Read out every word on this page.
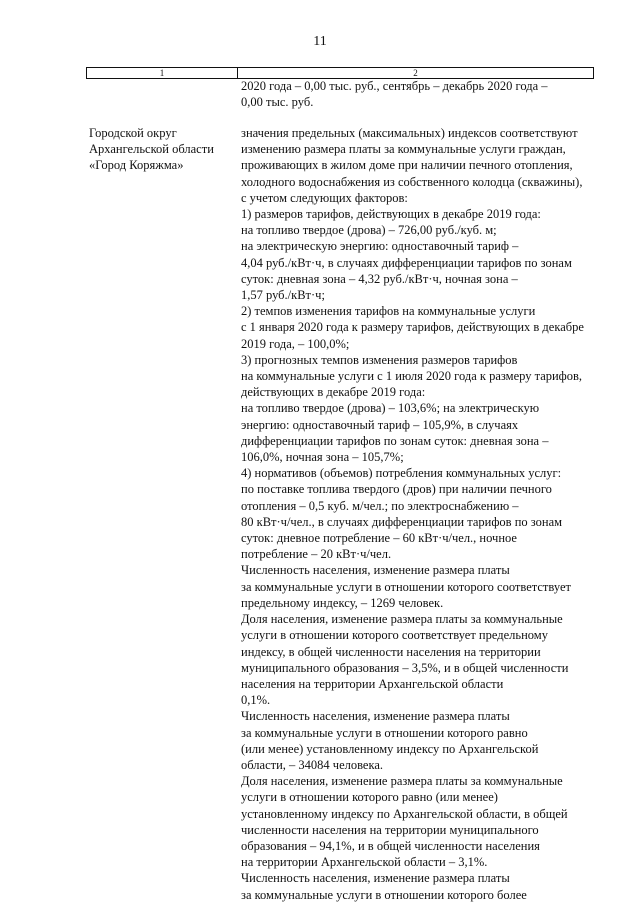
11
1	2
2020 года – 0,00 тыс. руб., сентябрь – декабрь 2020 года –
0,00 тыс. руб.
Городской округ
Архангельской области
«Город Коряжма»
значения предельных (максимальных) индексов соответствуют
изменению размера платы за коммунальные услуги граждан,
проживающих в жилом доме при наличии печного отопления,
холодного водоснабжения из собственного колодца (скважины),
с учетом следующих факторов:
1) размеров тарифов, действующих в декабре 2019 года:
на топливо твердое (дрова) – 726,00 руб./куб. м;
на электрическую энергию: одноставочный тариф –
4,04 руб./кВт·ч, в случаях дифференциации тарифов по зонам
суток: дневная зона – 4,32 руб./кВт·ч, ночная зона –
1,57 руб./кВт·ч;
2) темпов изменения тарифов на коммунальные услуги
с 1 января 2020 года к размеру тарифов, действующих в декабре
2019 года, – 100,0%;
3) прогнозных темпов изменения размеров тарифов
на коммунальные услуги с 1 июля 2020 года к размеру тарифов,
действующих в декабре 2019 года:
на топливо твердое (дрова) – 103,6%; на электрическую
энергию: одноставочный тариф – 105,9%, в случаях
дифференциации тарифов по зонам суток: дневная зона –
106,0%, ночная зона – 105,7%;
4) нормативов (объемов) потребления коммунальных услуг:
по поставке топлива твердого (дров) при наличии печного
отопления – 0,5 куб. м/чел.; по электроснабжению –
80 кВт·ч/чел., в случаях дифференциации тарифов по зонам
суток: дневное потребление – 60 кВт·ч/чел., ночное
потребление – 20 кВт·ч/чел.
Численность населения, изменение размера платы
за коммунальные услуги в отношении которого соответствует
предельному индексу, – 1269 человек.
Доля населения, изменение размера платы за коммунальные
услуги в отношении которого соответствует предельному
индексу, в общей численности населения на территории
муниципального образования – 3,5%, и в общей численности
населения на территории Архангельской области
0,1%.
Численность населения, изменение размера платы
за коммунальные услуги в отношении которого равно
(или менее) установленному индексу по Архангельской
области, – 34084 человека.
Доля населения, изменение размера платы за коммунальные
услуги в отношении которого равно (или менее)
установленному индексу по Архангельской области, в общей
численности населения на территории муниципального
образования – 94,1%, и в общей численности населения
на территории Архангельской области – 3,1%.
Численность населения, изменение размера платы
за коммунальные услуги в отношении которого более
